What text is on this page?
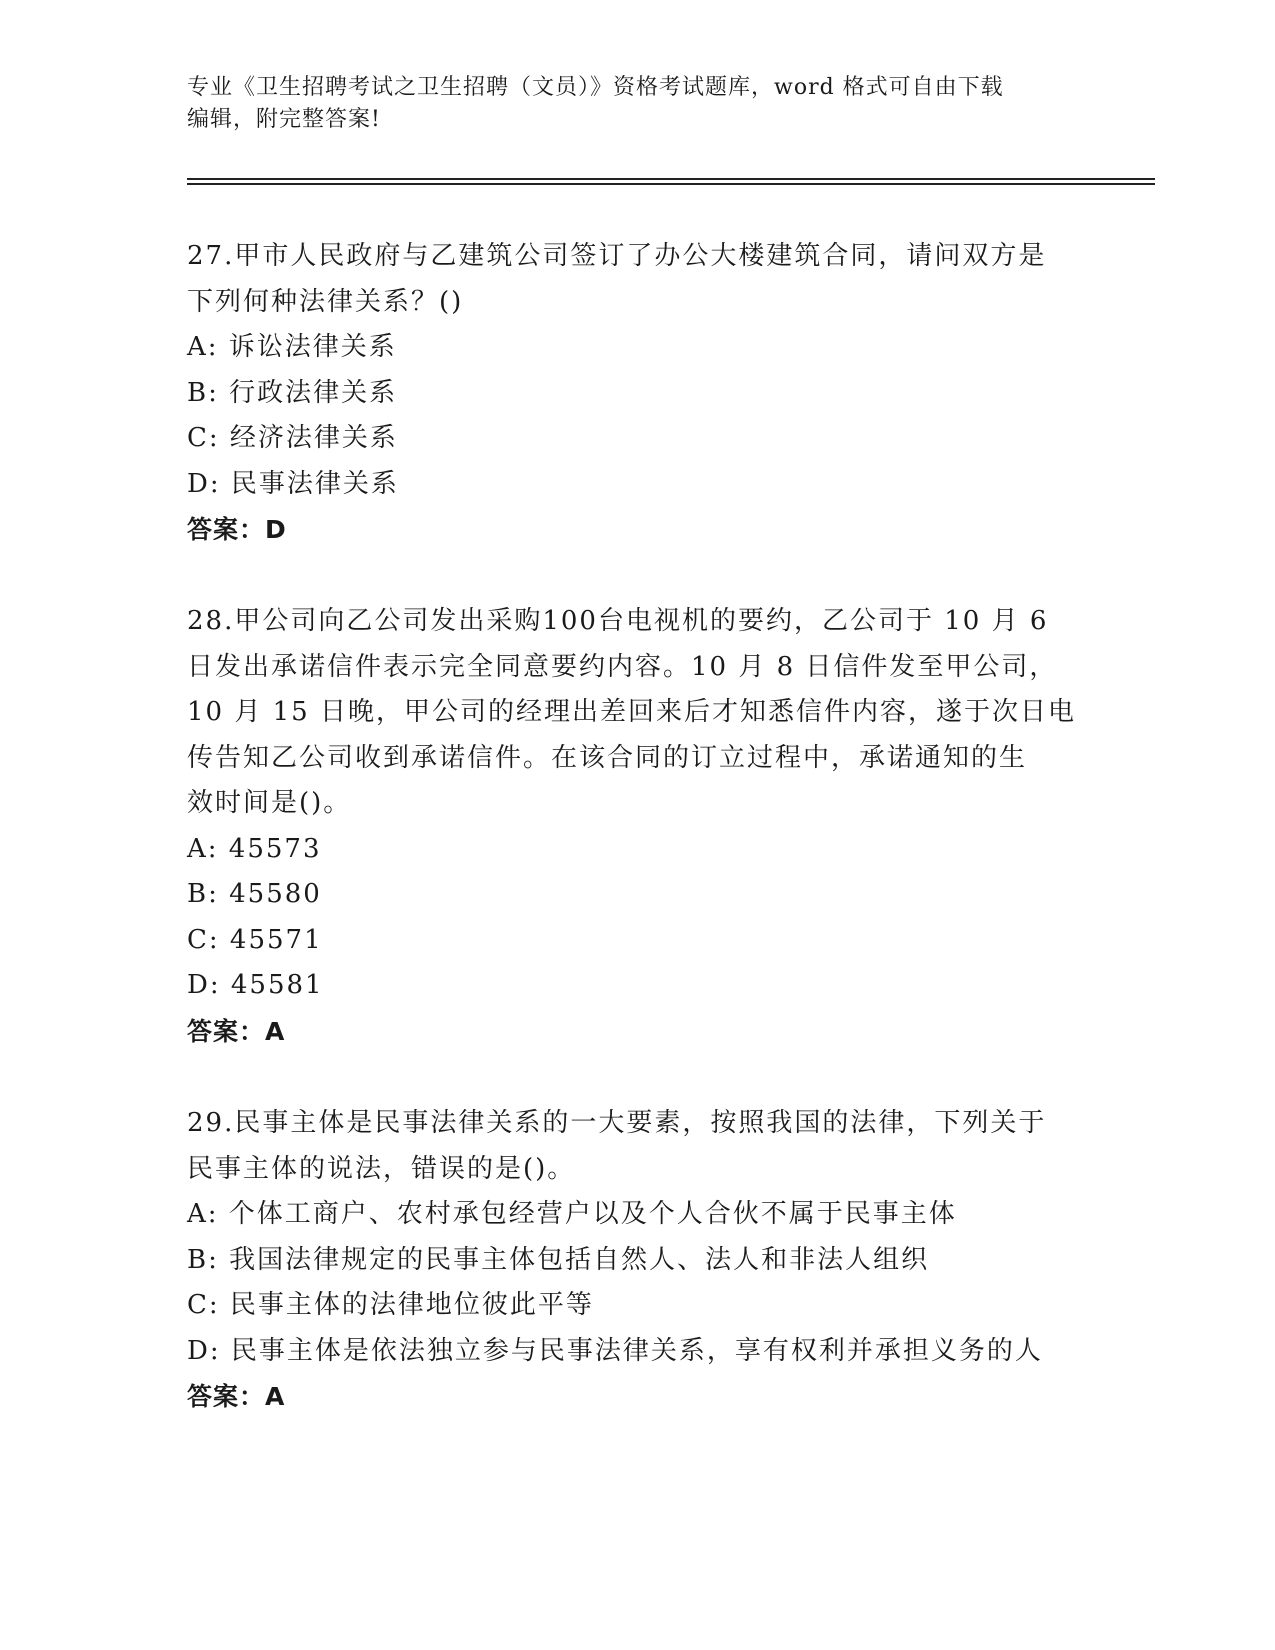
专业《卫生招聘考试之卫生招聘（文员）》资格考试题库，word 格式可自由下载
编辑，附完整答案!
27.甲市人民政府与乙建筑公司签订了办公大楼建筑合同，请问双方是
下列何种法律关系？()
A: 诉讼法律关系
B: 行政法律关系
C: 经济法律关系
D: 民事法律关系
答案：D
28.甲公司向乙公司发出采购100台电视机的要约，乙公司于 10 月 6
日发出承诺信件表示完全同意要约内容。10 月 8 日信件发至甲公司，
10 月 15 日晚，甲公司的经理出差回来后才知悉信件内容，遂于次日电
传告知乙公司收到承诺信件。在该合同的订立过程中，承诺通知的生
效时间是()。
A: 45573
B: 45580
C: 45571
D: 45581
答案：A
29.民事主体是民事法律关系的一大要素，按照我国的法律，下列关于
民事主体的说法，错误的是()。
A: 个体工商户、农村承包经营户以及个人合伙不属于民事主体
B: 我国法律规定的民事主体包括自然人、法人和非法人组织
C: 民事主体的法律地位彼此平等
D: 民事主体是依法独立参与民事法律关系，享有权利并承担义务的人
答案：A
